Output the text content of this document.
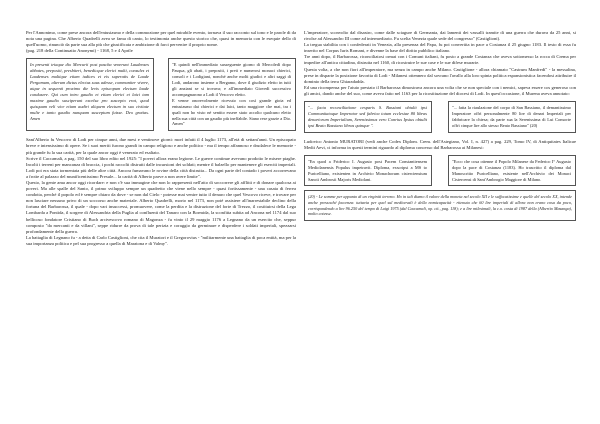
Per l'Annonimo, come prese ancora dell'entusiasmo e della commozione per quel mirabile evento, tornava il suo racconto sul tono e le parole di da nota una pagina. Che Alberto Quadrelli avea se fama di canto, lo testimonia anche questo storico che, quasi in memoria con le esequie dello di quell'uomo, rinunciò da parte sua alla più che giustificata e ambizione di farci pervenire il proprio nome.

(pag. 218 della Continuatio Anonymi) - 1168, 5 e 4 Aprile

In presenti triaque dio Mercurii post pascha venerunt Laudenses abbates, prepositi, presbiteri, benedicque clerici multi, consules et Laudenses multique etiam iudices et eis superatis de Laude Pergamum, alterum dictus electus suus adesse, communiter vivere, atque in sequenti proximo die levis episcopum electum laude condusere. Qui cum intro gaudio et etiam clerici et laici tam maxime gaudio susciperunt excelsa pro suscepto erat, quod quisquam veli vice etiam audiri aliquem electum in suo civitate multe e tanto gaudio nunquam susceptum fuisse. Deo gratias. Amen

"E quindi nell'immediato susseguente giorno di Mercoledì dopo Pasqua, gli abati, i prepositi, i preti e numerosi monaci chierici, consoli e i Lodigiani, nonché anche molti giudici e altri saggi di Lodi, andarono insieme a Bergamo, dove il giudizio eletto in tutti gli anziani se si trovava; e all'immediato Giovedì successivo accompagnarono a Lodi il Vescovo eletto.
E venne onorevolmente ricevuto con così grande gioia ed entusiasmo dai chierici e dai laici, tanto maggiore che mai, tra i quali non ho visto né sentito essere stato accolto qualcuno eletto nella sua città con un gaudio più ineffabile. Siano rese grazie a Dio. Amen"

Sant'Alberto fu Vescovo di Lodi per cinque anni, due mesi e ventinove giorni: morì infatti il 4 luglio 1173, all'età di settant'anni. Un episcopato breve e intensissimo di opere. Se i suoi meriti furono grandi in campo religioso e anche politico - ma il tempo affannoso e drudalece le memorie - più grande fu la sua carità, per la quale ancor oggi è venerato ed esaltato.

Scrive il Caccamali, a pag. 150 del suo libro edito nel 1925: "I poveri allora erano legione. Le guerre continue avevano prodotto le misere piaghe. Incolti i terreni per mancanza di braccia, i pochi raccolti distrutti dalle incursioni dei soldati; mentre il balzello per mantenere gli eserciti imperiali. Lodi poi era stata tormentata più delle altre città. Ancora fumavano le rovine della città distrutta... Da ogni parte del contado i poveri accorrevano a frotte al palazzo del munificentissimo Presule... la carità di Alberto parve a non avere limite".

Questo, la gente ama ancor oggi ricordare: e non c'è sua immagine che non lo rappresenti nell'atto di soccorrere gli afflitti e di donare qualcosa ai poveri. Ma alle spalle del Santo, il primo sviluppo sempre un quadretto che viene nello sempre - quasi fortissamente - una casata di ferrea condotta, perché il popolo ed è sempre chiaro da dove - se non dal Cielo - potesse mai venire tutto il denaro che quel Vescovo riceve, e trovare per non lasciare nessuno privo di un soccorso anche materiale. Alberto Quadrelli, morto nel 1173, non poté assistere all'inarrestabile declino della fortuna del Barbarossa, il quale - dopo vari insuccessi, promuovere, come la perdita e la distruzione del forte di Trezzo, il costituirsi della Lega Lombarda a Pontida, il sorgere di Alessandria della Puglia al confluenti del Tanaro con la Bormida, la sconfitta subita ad Ancona nel 1174 dal suo bellicoso fondatore Cristiano di Buch arcivescovo romano di Magonza - fu vinto il 29 maggio 1176 a Legnano da un esercito che, seppur composto "da mercanti e da villani", seppe ridurre da prova di tale perizia e coraggio da germinare e disperdere i soldati imperiali, spezzarsi profondamente della guerra.

La battaglia di Legnano fu - a detta di Carlo Castiglioni, che cita il Muratori e il Gregorovius - "militarmente una battaglia di poca entità, ma per la sua importanza politica e pel sua progresso a quella di Maratona e di Valmy".

L'imperatore, sconvolto dal disastro, come dalle sciagure di Germania, dai lamenti dei vassalli tramite di una guerra che durava da 25 anni, si rivolse ad Alessandro III come ad intermediario. Fu scelta Venezia quale sede del congresso" (Castiglioni).

La tregua stabilita con i confederati in Venezia, alla presenza del Papa, fu poi convertita in pace a Costanza il 25 giugno 1183. Il testo di essa fu inserito nel Corpus Iuris Romani, e divenne la base del diritto pubblico italiano.

Tre anni dopo, il Barbarossa, riconciliatosi ormai con i Comuni italiani, fu posto a grande Costanza che aveva sottomesso la rocca di Crema per impedire all'antica cittadina, distrutta nel 1160, di ricostruire le sue case e le sue difese murarie.

Questa volta, a che non fiori all'imperatore, ma senza in campo anche Milano. Castiglione - allora chiamato "Castrum Manfredi" - la messalina, prese in disparte la posizione favorita di Lodi - Milanesi ottennero dal sovrano l'avallo alla loro spinta politica espansionistica facendosi attribuire il dominio della terra Ghiaradadda.

Ed una ricompensa per l'aiuto prestato il Barbarossa dimostrava ancora una volta che se non speciale con i nemici, sapeva essere cos generoso con gli amici, dando anche del suo, come aveva fatto nel 1163 per la ricostituzione del diocesi di Lodi. In quest'occasione, il Murena aveva annotato:

"... facta reconciliatione cesparis S. Bassiani obtulit ipsi Communitatoque Imperator sed fabrica totum ecclesiae 80 libras denariorum Imperialium, Serenissimus vero Conrius Ipsius obtulit ipsi Beato Bassiano libras quinque ".

"... fatta la riaulazione del corpo di San Bassiano, il demantissimo Imperatore offrì personalmente 80 lire di denari Imperiali per fabbricare la chiesa; da parte sua la Serenissima di Lui Consorte offrì cinque lire allo stesso Beato Bassiano" (20)

Ludovico Antonio MURATORI (vedi anche Codex Diplom. Crem. dell'Astegiano, Vol. I, n. 427) a pag. 229, Tomo IV, di Antiquitates Italicae Medii Aevi, ci informa in questi termini riguardo al diploma concesso dal Barbarossa ai Milanesi:

"En quod a Friderico I. Augusto post Pacem Constantiensem Mediolanensis Populus impetravit. Diploma, exscripsi a MS to Puricelliano, existenten in Archivio Monachorum cisterciensium Sancti Ambrosii Majoris Mediolani.

"Ecco che cosa ottenne il Popolo Milanese da Federico I° Augusto dopo la pace di Costanza (1183). Ho trascritto il diploma dal Manoscritto Puricelliano, esistente nell'Archivio dei Monaci Cistercensi di Sant'Ambrogio Maggiore di Milano.

(20) - Le somme per appunto di un virginiti terreno. Ho in tali diamo il valore della moneta nel secolo XII e le suffocatissime e quelle del secolo XX, intende anche pressoché faccenza: tuttavia per quel sul medioevali è della nomicapacità - ritenuta che 60 lire imperiali di allora non erano cosa da poco, corrispondendo a lire 96.250 del tempo di Luigi 1975 (dal Caccamali, op. cit., pag. 118); e a lire milesimali, la c.o. costa di 1987 della (Albertio Masanga), molto cotesse.
